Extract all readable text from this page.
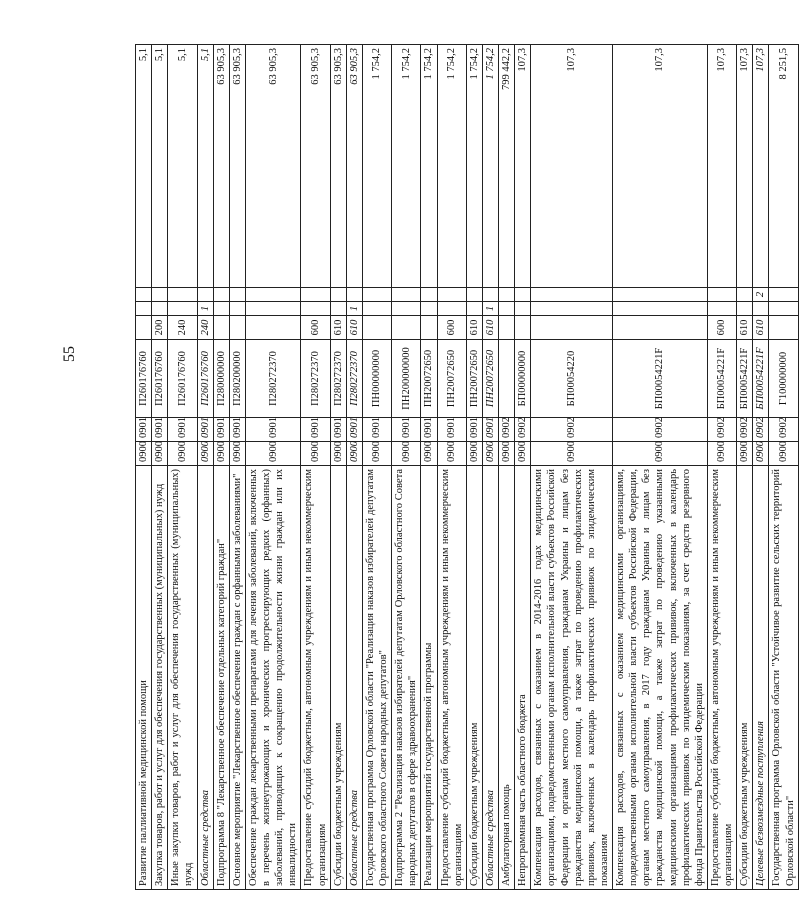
55
Развитие паллиативной медицинской помощи	0900	0901	П260176760				5,1
Закупка товаров, работ и услуг для обеспечения государственных (муниципальных) нужд	0900	0901	П260176760	200			5,1
Иные закупки товаров, работ и услуг для обеспечения государственных (муниципальных) нужд	0900	0901	П260176760	240			5,1
Областные средства	0900	0901	П260176760	240	1		5,1
Подпрограмма 8 "Лекарственное обеспечение отдельных категорий граждан"	0900	0901	П280000000				63 905,3
Основное мероприятие "Лекарственное обеспечение граждан с орфанными заболеваниями"	0900	0901	П280200000				63 905,3
Обеспечение граждан лекарственными препаратами для лечения заболеваний, включенных в перечень жизнеугрожающих и хронических прогрессирующих редких (орфанных) заболеваний, приводящих к сокращению продолжительности жизни граждан или их инвалидности	0900	0901	П280272370				63 905,3
Предоставление субсидий бюджетным, автономным учреждениям и иным некоммерческим организациям	0900	0901	П280272370	600			63 905,3
Субсидии бюджетным учреждениям	0900	0901	П280272370	610			63 905,3
Областные средства	0900	0901	П280272370	610	1		63 905,3
Государственная программа Орловской области "Реализация наказов избирателей депутатам Орловского областного Совета народных депутатов"	0900	0901	ПН00000000				1 754,2
Подпрограмма 2 "Реализация наказов избирателей депутатам Орловского областного Совета народных депутатов в сфере здравоохранения"	0900	0901	ПН200000000				1 754,2
Реализация мероприятий государственной программы	0900	0901	ПН20072650				1 754,2
Предоставление субсидий бюджетным, автономным учреждениям и иным некоммерческим организациям	0900	0901	ПН20072650	600			1 754,2
Субсидии бюджетным учреждениям	0900	0901	ПН20072650	610			1 754,2
Областные средства	0900	0901	ПН20072650	610	1		1 754,2
Амбулаторная помощь	0900	0902					799 442,2
Непрограммная часть областного бюджета	0900	0902	БП00000000				107,3
Компенсация расходов, связанных с оказанием в 2014-2016 годах медицинскими организациями, подведомственными органам исполнительной власти субъектов Российской Федерации и органам местного самоуправления, гражданам Украины и лицам без гражданства медицинской помощи, а также затрат по проведению профилактических прививок, включенных в календарь профилактических прививок по эпидемическим показаниям	0900	0902	БП00054220				107,3
Компенсация расходов, связанных с оказанием медицинскими организациями, подведомственными органам исполнительной власти субъектов Российской Федерации, органам местного самоуправления, в 2017 году гражданам Украины и лицам без гражданства медицинской помощи, а также затрат по проведению указанными медицинскими организациями профилактических прививок, включенных в календарь профилактических прививок по эпидемическим показаниям, за счет средств резервного фонда Правительства Российской Федерации	0900	0902	БП00054221F				107,3
Предоставление субсидий бюджетным, автономным учреждениям и иным некоммерческим организациям	0900	0902	БП00054221F	600			107,3
Субсидии бюджетным учреждениям	0900	0902	БП00054221F	610			107,3
Целевые безвозмездные поступления	0900	0902	БП00054221F	610		2	107,3
Государственная программа Орловской области "Устойчивое развитие сельских территорий Орловской области"	0900	0902	Г100000000				8 251,5
